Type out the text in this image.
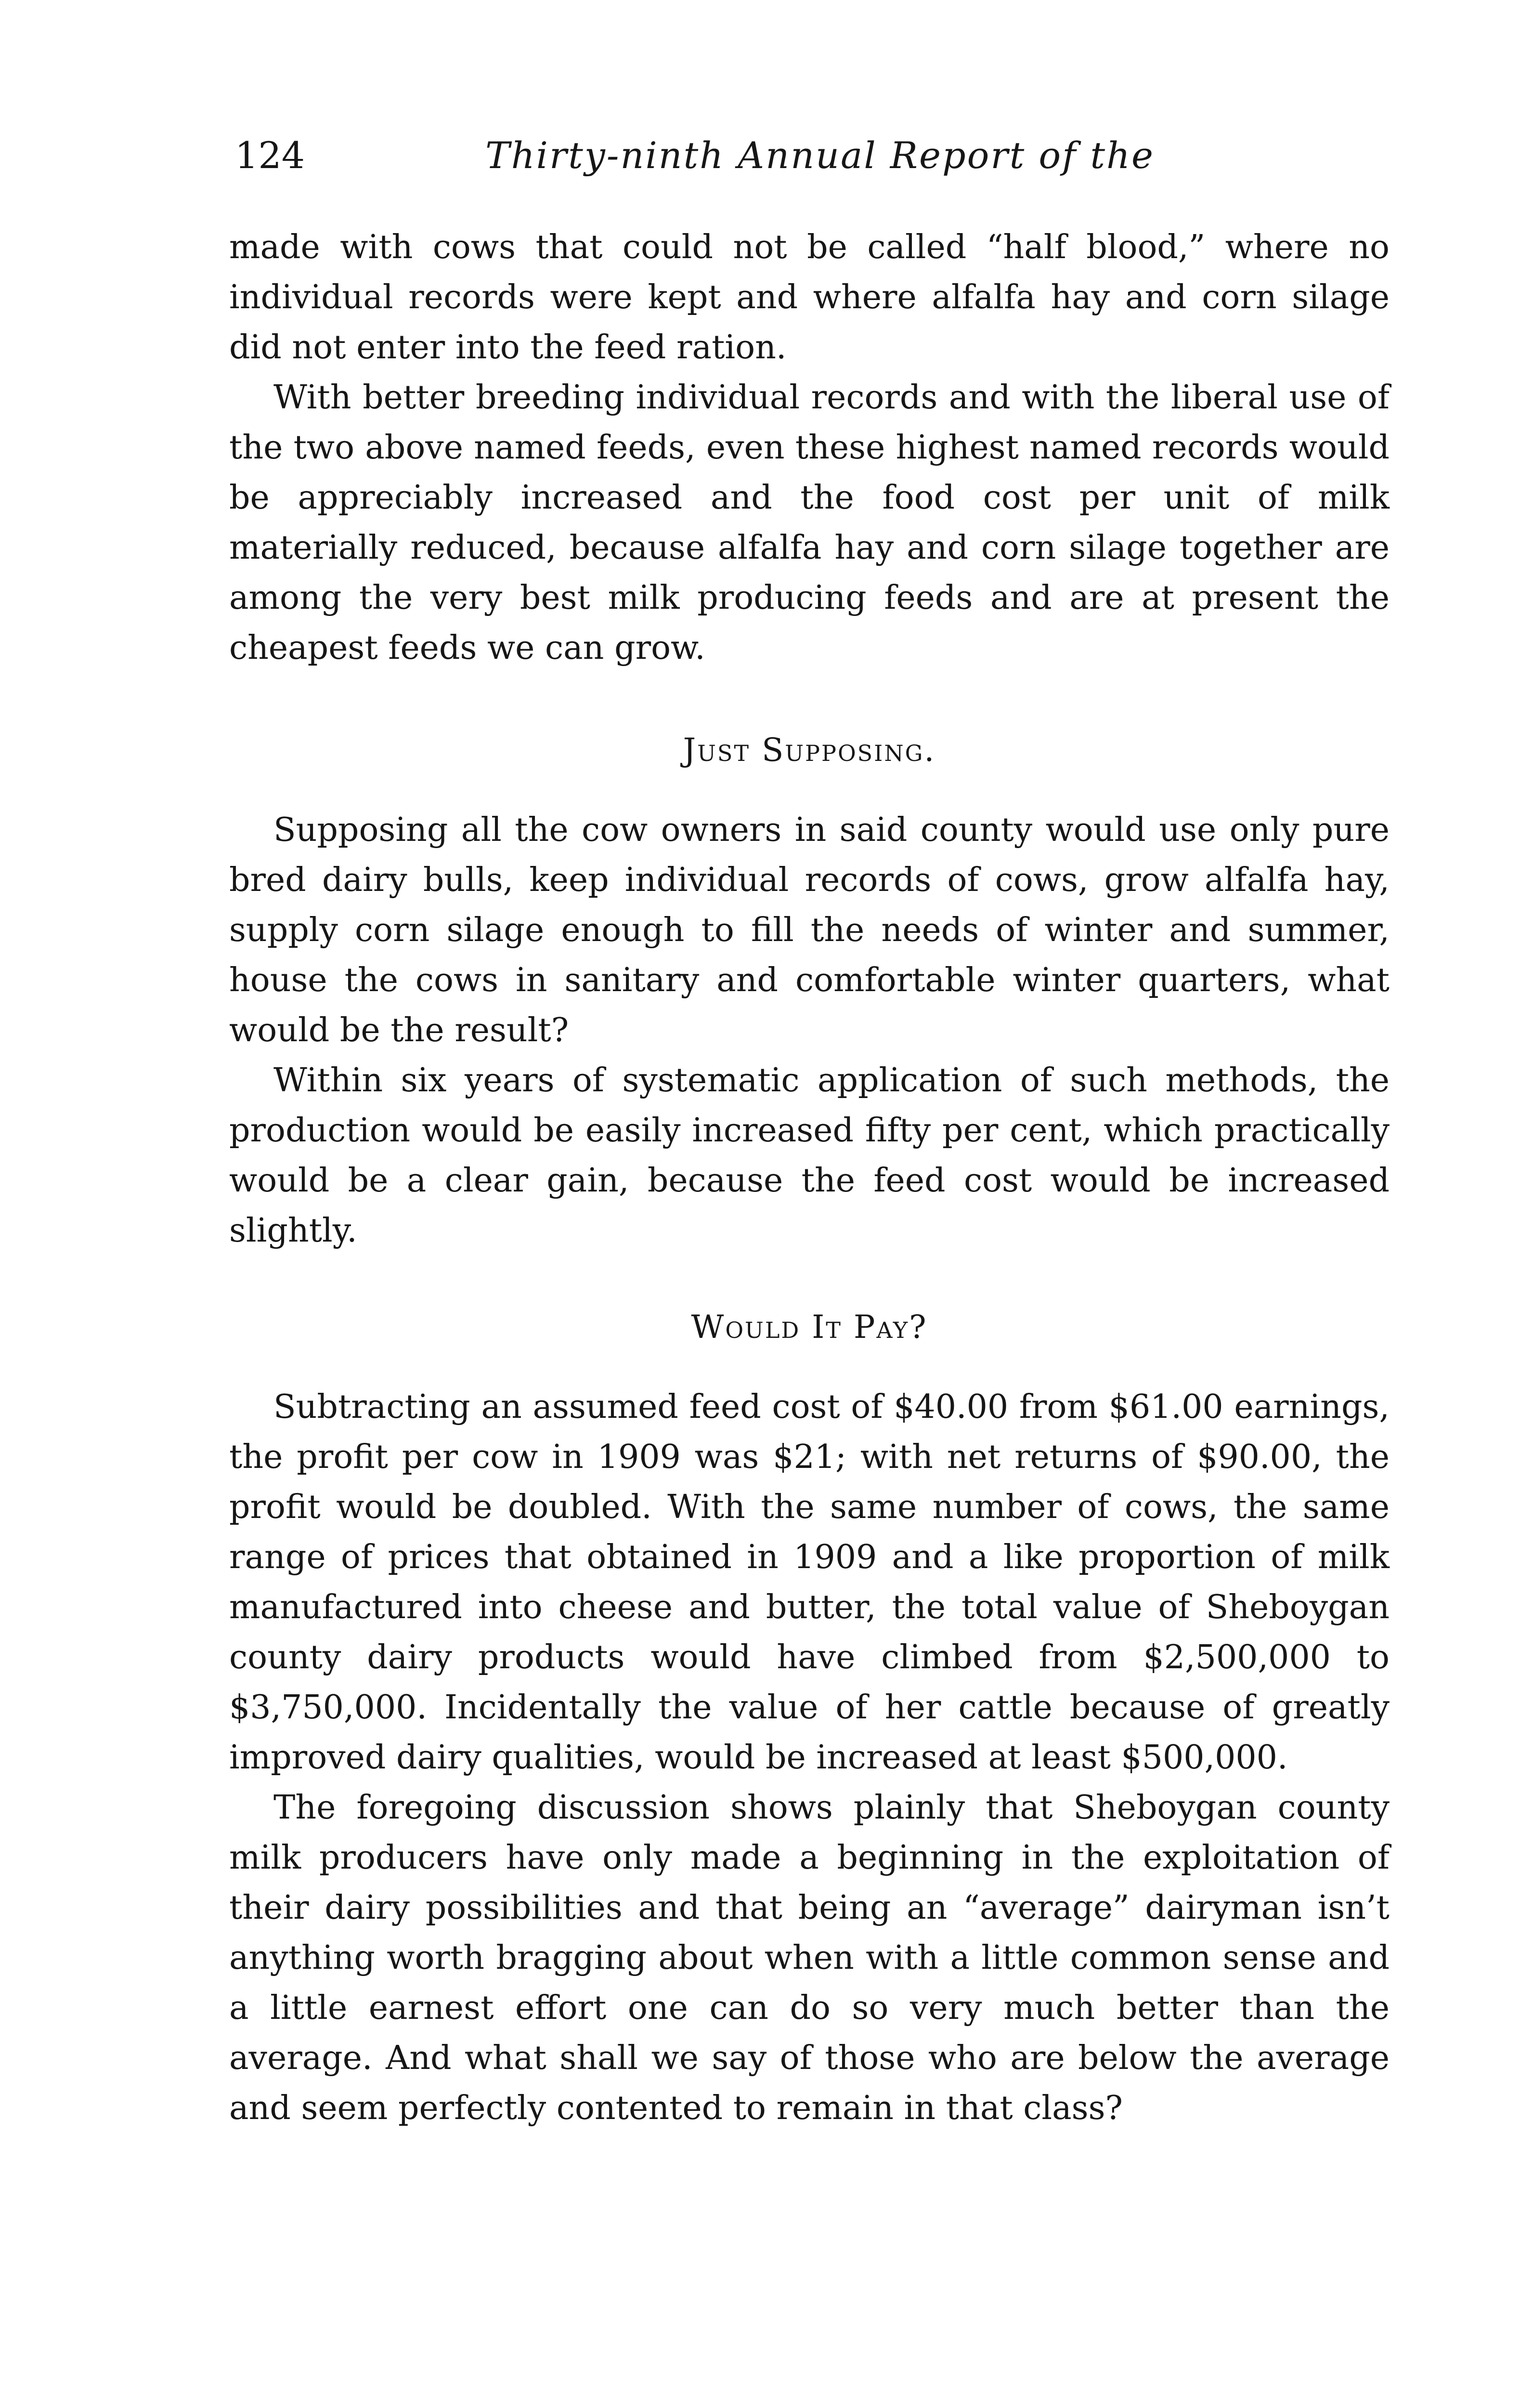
124	Thirty-ninth Annual Report of the

made with cows that could not be called “half blood,” where no individual records were kept and where alfalfa hay and corn silage did not enter into the feed ration.

With better breeding individual records and with the liberal use of the two above named feeds, even these highest named records would be appreciably increased and the food cost per unit of milk materially reduced, because alfalfa hay and corn silage together are among the very best milk producing feeds and are at present the cheapest feeds we can grow.

Just Supposing.

Supposing all the cow owners in said county would use only pure bred dairy bulls, keep individual records of cows, grow alfalfa hay, supply corn silage enough to fill the needs of winter and summer, house the cows in sanitary and comfortable winter quarters, what would be the result?

Within six years of systematic application of such methods, the production would be easily increased fifty per cent, which practically would be a clear gain, because the feed cost would be increased slightly.

Would It Pay?

Subtracting an assumed feed cost of $40.00 from $61.00 earnings, the profit per cow in 1909 was $21; with net returns of $90.00, the profit would be doubled. With the same number of cows, the same range of prices that obtained in 1909 and a like proportion of milk manufactured into cheese and butter, the total value of Sheboygan county dairy products would have climbed from $2,500,000 to $3,750,000. Incidentally the value of her cattle because of greatly improved dairy qualities, would be increased at least $500,000.

The foregoing discussion shows plainly that Sheboygan county milk producers have only made a beginning in the exploitation of their dairy possibilities and that being an “average” dairyman isn’t anything worth bragging about when with a little common sense and a little earnest effort one can do so very much better than the average. And what shall we say of those who are below the average and seem perfectly contented to remain in that class?
